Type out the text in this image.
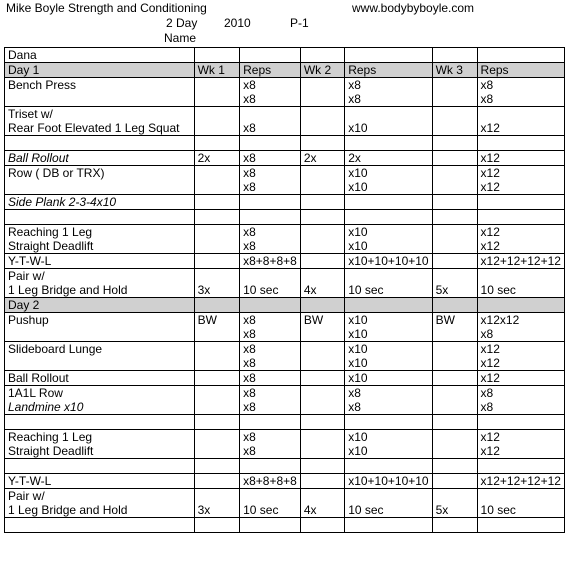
Mike Boyle Strength and Conditioning	www.bodybyboyle.com
2 Day 2010	P-1
Name
Dana						
Day 1	Wk 1	Reps	Wk 2	Reps	Wk 3	Reps
Bench Press		x8		x8		x8
		x8		x8		x8
Triset w/						
Rear Foot Elevated 1 Leg Squat		x8		x10		x12

Ball Rollout	2x	x8	2x	2x		x12
Row ( DB or TRX)		x8		x10		x12
		x8		x10		x12
Side Plank 2-3-4x10						

Reaching 1 Leg		x8		x10		x12
Straight Deadlift		x8		x10		x12
Y-T-W-L		x8+8+8+8		x10+10+10+10		x12+12+12+12
Pair w/						
1 Leg Bridge and Hold	3x	10 sec	4x	10 sec	5x	10 sec
Day 2						
Pushup	BW	x8	BW	x10	BW	x12x12
		x8		x10		x8
Slideboard Lunge		x8		x10		x12
		x8		x10		x12
Ball Rollout		x8		x10		x12
1A1L Row		x8		x8		x8
Landmine x10		x8		x8		x8

Reaching 1 Leg		x8		x10		x12
Straight Deadlift		x8		x10		x12

Y-T-W-L		x8+8+8+8		x10+10+10+10		x12+12+12+12
Pair w/						
1 Leg Bridge and Hold	3x	10 sec	4x	10 sec	5x	10 sec
